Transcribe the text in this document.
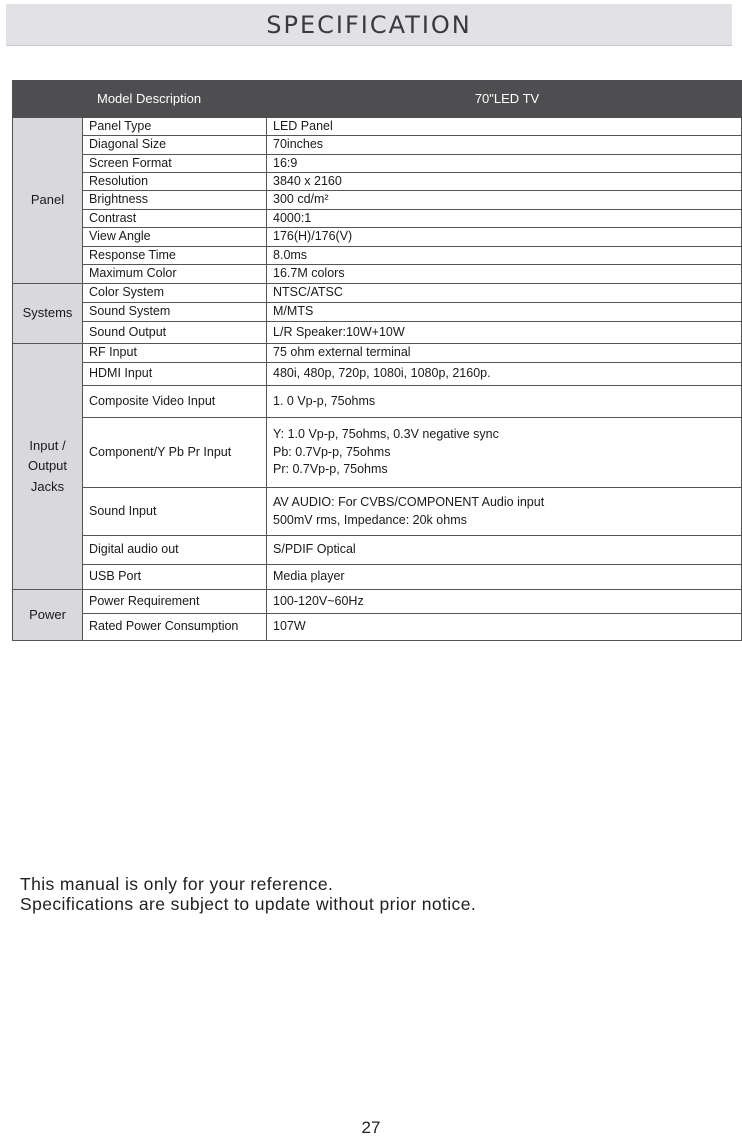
SPECIFICATION
Model Description		70"LED TV
Panel	Panel Type	LED Panel
	Diagonal Size	70inches
	Screen Format	16:9
	Resolution	3840 x 2160
	Brightness	300 cd/m²
	Contrast	4000:1
	View Angle	176(H)/176(V)
	Response Time	8.0ms
	Maximum Color	16.7M colors
Systems	Color System	NTSC/ATSC
	Sound System	M/MTS
	Sound Output	L/R Speaker:10W+10W

Input /
Output
Jacks	RF Input	75 ohm external terminal
	HDMI Input	480i, 480p, 720p, 1080i, 1080p, 2160p.
	Composite Video Input	1. 0 Vp-p, 75ohms
	Component/Y Pb Pr Input	Y: 1.0 Vp-p, 75ohms, 0.3V negative sync
Pb: 0.7Vp-p, 75ohms
Pr: 0.7Vp-p, 75ohms

	Sound Input	AV AUDIO: For CVBS/COMPONENT Audio input
500mV rms, Impedance: 20k ohms

	Digital audio out	S/PDIF Optical
	USB Port	Media player
Power	Power Requirement	100-120V~60Hz
	Rated Power Consumption	107W
This manual is only for your reference.
Specifications are subject to update without prior notice.
27
